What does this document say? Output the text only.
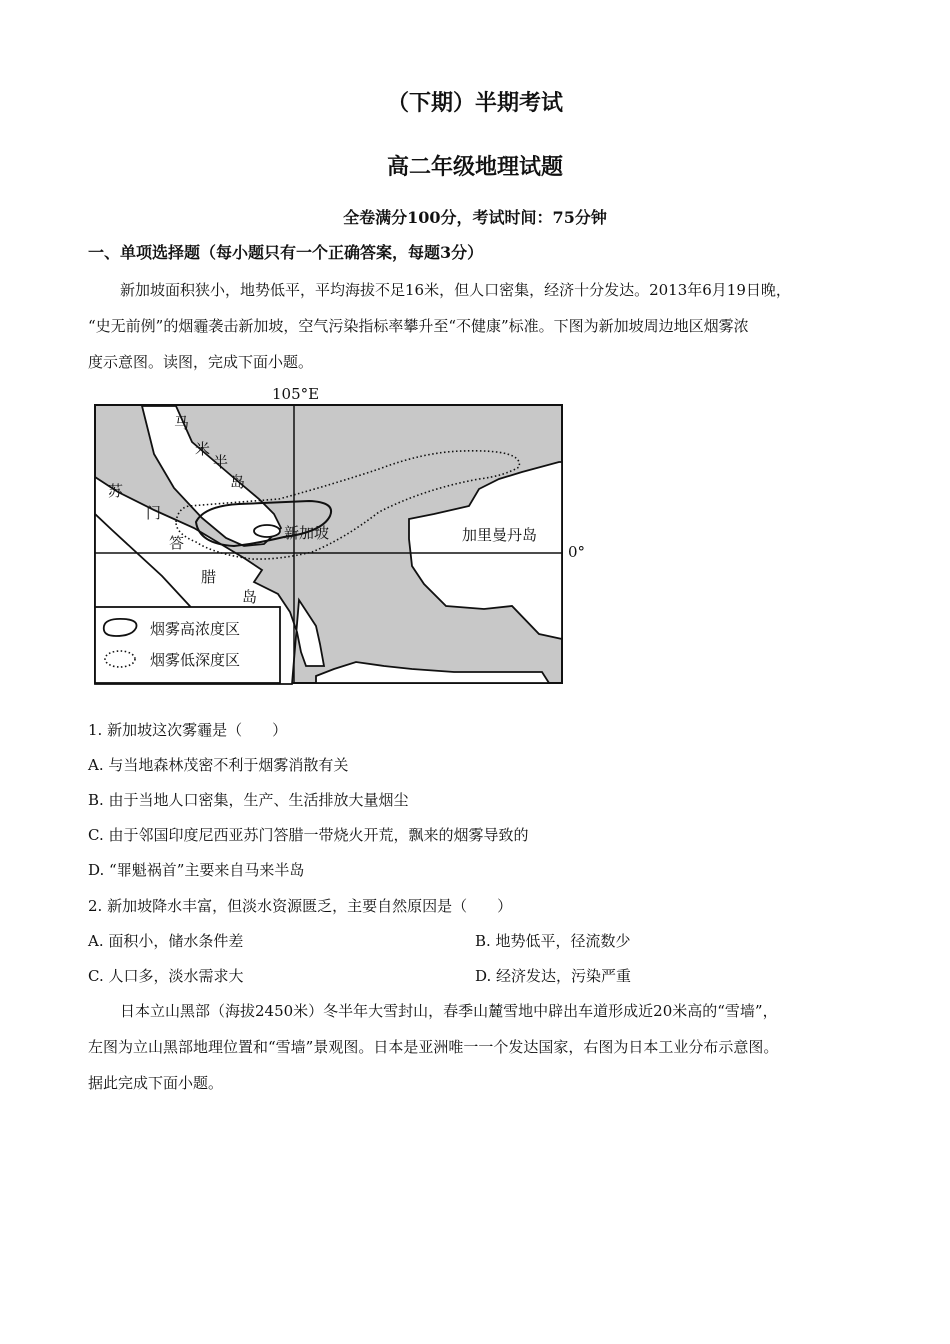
（下期）半期考试
高二年级地理试题
全卷满分100分，考试时间：75分钟
一、单项选择题（每小题只有一个正确答案，每题3分）
新加坡面积狭小，地势低平，平均海拔不足16米，但人口密集，经济十分发达。2013年6月19日晚，
“史无前例”的烟霾袭击新加坡，空气污染指标率攀升至“不健康”标准。下图为新加坡周边地区烟雾浓
度示意图。读图，完成下面小题。
105°E
0°
马
米
半
岛
苏
门
答
腊
岛
新加坡	加里曼丹岛
烟雾高浓度区
烟雾低深度区
1. 新加坡这次雾霾是（　　）
A. 与当地森林茂密不利于烟雾消散有关
B. 由于当地人口密集，生产、生活排放大量烟尘
C. 由于邻国印度尼西亚苏门答腊一带烧火开荒，飘来的烟雾导致的
D. “罪魁祸首”主要来自马来半岛
2. 新加坡降水丰富，但淡水资源匮乏，主要自然原因是（　　）
A. 面积小，储水条件差	B. 地势低平，径流数少
C. 人口多，淡水需求大	D. 经济发达，污染严重
日本立山黑部（海拔2450米）冬半年大雪封山，春季山麓雪地中辟出车道形成近20米高的“雪墙”，
左图为立山黑部地理位置和“雪墙”景观图。日本是亚洲唯一一个发达国家，右图为日本工业分布示意图。
据此完成下面小题。
